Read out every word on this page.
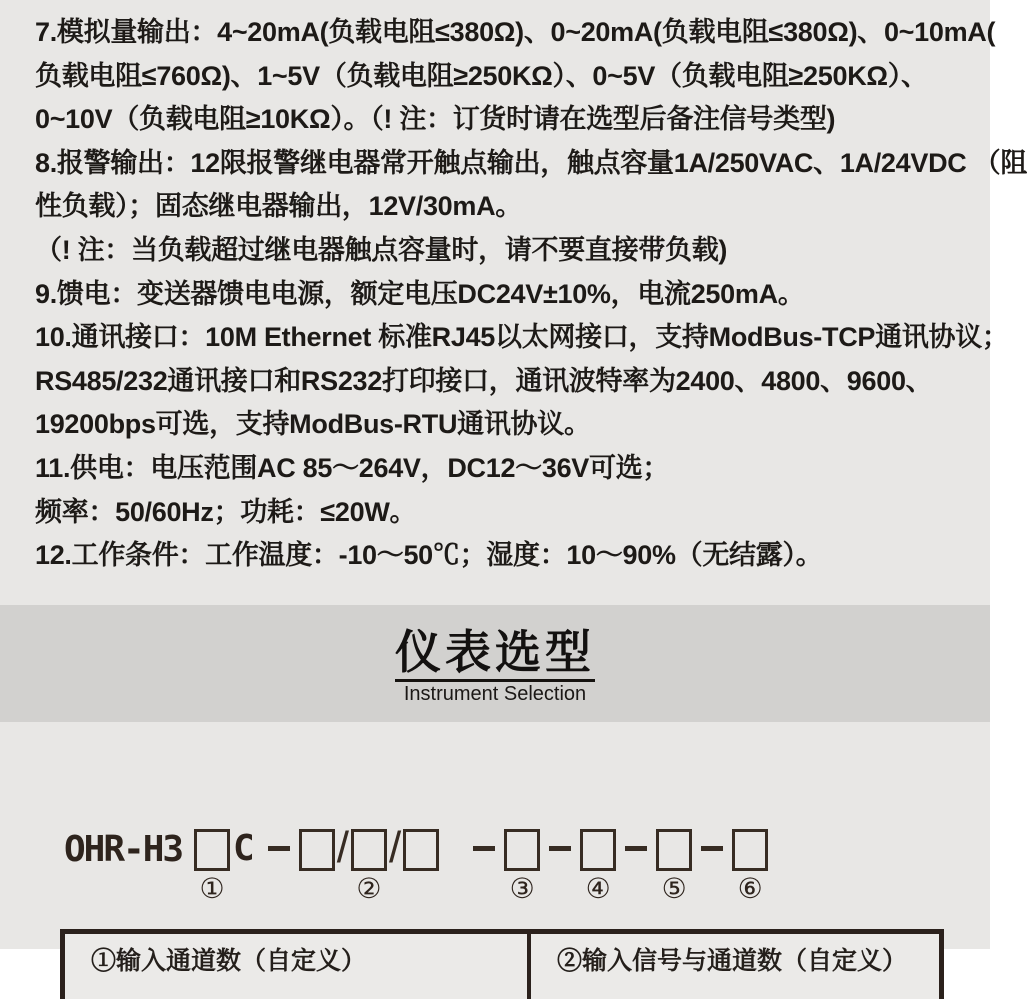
7.模拟量输出：4~20mA(负载电阻≤380Ω)、0~20mA(负载电阻≤380Ω)、0~10mA(
负载电阻≤760Ω)、1~5V（负载电阻≥250KΩ）、0~5V（负载电阻≥250KΩ）、
0~10V（负载电阻≥10KΩ）。（! 注：订货时请在选型后备注信号类型)
8.报警输出：12限报警继电器常开触点输出，触点容量1A/250VAC、1A/24VDC （阻
性负载）；固态继电器输出，12V/30mA。
（! 注：当负载超过继电器触点容量时，请不要直接带负载)
9.馈电：变送器馈电电源，额定电压DC24V±10%，电流250mA。
10.通讯接口：10M Ethernet 标准RJ45以太网接口，支持ModBus-TCP通讯协议；
RS485/232通讯接口和RS232打印接口，通讯波特率为2400、4800、9600、
19200bps可选，支持ModBus-RTU通讯协议。
11.供电：电压范围AC 85～264V，DC12～36V可选；
频率：50/60Hz；功耗：≤20W。
12.工作条件：工作温度：-10～50℃；湿度：10～90%（无结露）。
仪表选型
Instrument Selection
OHR-H3
①
C /
②
/
③ ④ ⑤ ⑥
①输入通道数（自定义）	②输入信号与通道数（自定义）
